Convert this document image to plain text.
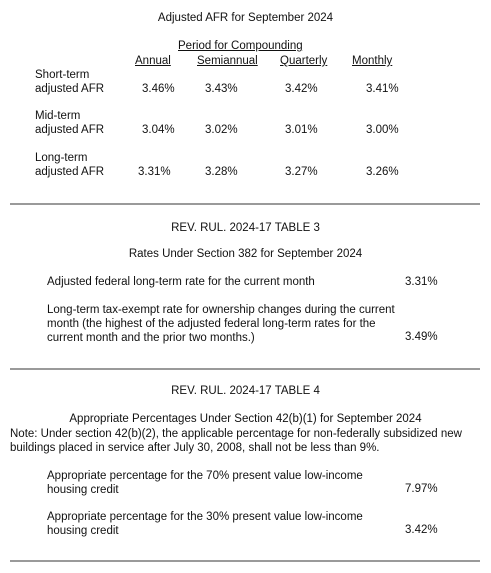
Adjusted AFR for September 2024
Period for Compounding
Annual Semiannual Quarterly Monthly
Short-term
adjusted AFR	3.46%	3.43%	3.42%	3.41%
Mid-term
adjusted AFR	3.04%	3.02%	3.01%	3.00%
Long-term
adjusted AFR	3.31%	3.28%	3.27%	3.26%
REV. RUL. 2024-17 TABLE 3
Rates Under Section 382 for September 2024
Adjusted federal long-term rate for the current month	3.31%
Long-term tax-exempt rate for ownership changes during the current month (the highest of the adjusted federal long-term rates for the current month and the prior two months.)	3.49%
REV. RUL. 2024-17 TABLE 4
Appropriate Percentages Under Section 42(b)(1) for September 2024
Note: Under section 42(b)(2), the applicable percentage for non-federally subsidized new buildings placed in service after July 30, 2008, shall not be less than 9%.
Appropriate percentage for the 70% present value low-income housing credit	7.97%
Appropriate percentage for the 30% present value low-income housing credit	3.42%
